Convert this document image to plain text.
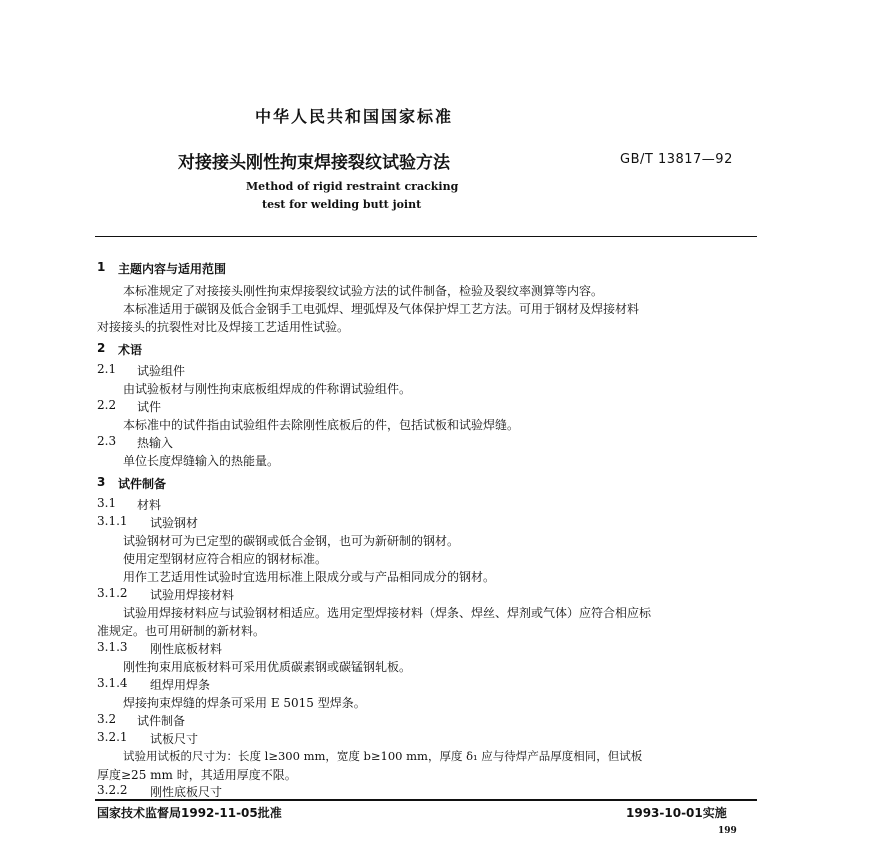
中华人民共和国国家标准
对接接头刚性拘束焊接裂纹试验方法	GB/T 13817—92
Method of rigid restraint cracking
test for welding butt joint
1 主题内容与适用范围
本标准规定了对接接头刚性拘束焊接裂纹试验方法的试件制备，检验及裂纹率测算等内容。
本标准适用于碳钢及低合金钢手工电弧焊、埋弧焊及气体保护焊工艺方法。可用于钢材及焊接材料
对接接头的抗裂性对比及焊接工艺适用性试验。
2 术语
2.1 试验组件
由试验板材与刚性拘束底板组焊成的件称谓试验组件。
2.2 试件
本标准中的试件指由试验组件去除刚性底板后的件，包括试板和试验焊缝。
2.3 热输入
单位长度焊缝输入的热能量。
3 试件制备
3.1 材料
3.1.1 试验钢材
试验钢材可为已定型的碳钢或低合金钢，也可为新研制的钢材。
使用定型钢材应符合相应的钢材标准。
用作工艺适用性试验时宜选用标准上限成分或与产品相同成分的钢材。
3.1.2 试验用焊接材料
试验用焊接材料应与试验钢材相适应。选用定型焊接材料（焊条、焊丝、焊剂或气体）应符合相应标
准规定。也可用研制的新材料。
3.1.3 刚性底板材料
刚性拘束用底板材料可采用优质碳素钢或碳锰钢轧板。
3.1.4 组焊用焊条
焊接拘束焊缝的焊条可采用 E 5015 型焊条。
3.2 试件制备
3.2.1 试板尺寸
试验用试板的尺寸为：长度 l≥300 mm，宽度 b≥100 mm，厚度 δ₁ 应与待焊产品厚度相同，但试板
厚度≥25 mm 时，其适用厚度不限。
3.2.2 刚性底板尺寸
国家技术监督局1992-11-05批准	1993-10-01实施
199
